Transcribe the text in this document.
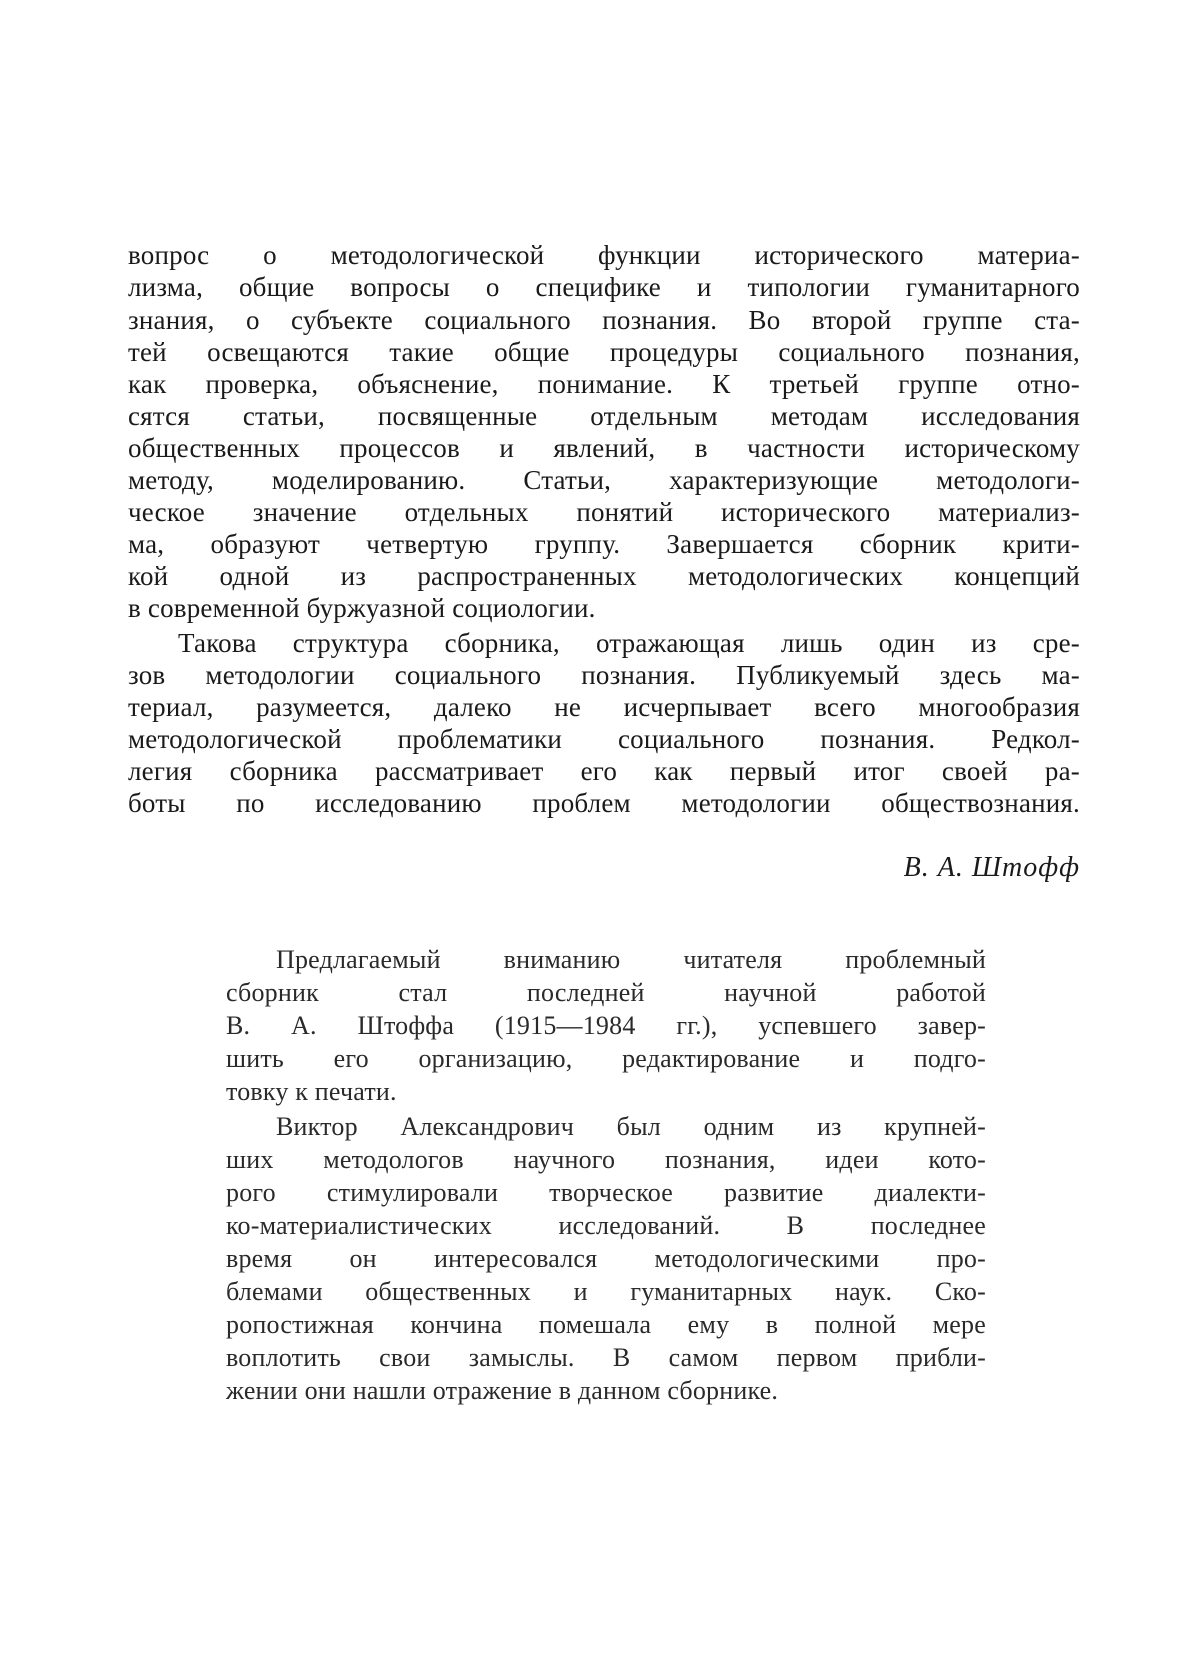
вопрос о методологической функции исторического материа-
лизма, общие вопросы о специфике и типологии гуманитарного
знания, о субъекте социального познания. Во второй группе ста-
тей освещаются такие общие процедуры социального познания,
как проверка, объяснение, понимание. К третьей группе отно-
сятся статьи, посвященные отдельным методам исследования
общественных процессов и явлений, в частности историческому
методу, моделированию. Статьи, характеризующие методологи-
ческое значение отдельных понятий исторического материализ-
ма, образуют четвертую группу. Завершается сборник крити-
кой одной из распространенных методологических концепций
в современной буржуазной социологии.
Такова структура сборника, отражающая лишь один из сре-
зов методологии социального познания. Публикуемый здесь ма-
териал, разумеется, далеко не исчерпывает всего многообразия
методологической проблематики социального познания. Редкол-
легия сборника рассматривает его как первый итог своей ра-
боты по исследованию проблем методологии обществознания.
В. А. Штофф
Предлагаемый вниманию читателя проблемный
сборник стал последней научной работой
В. А. Штоффа (1915—1984 гг.), успевшего завер-
шить его организацию, редактирование и подго-
товку к печати.
Виктор Александрович был одним из крупней-
ших методологов научного познания, идеи кото-
рого стимулировали творческое развитие диалекти-
ко-материалистических исследований. В последнее
время он интересовался методологическими про-
блемами общественных и гуманитарных наук. Ско-
ропостижная кончина помешала ему в полной мере
воплотить свои замыслы. В самом первом прибли-
жении они нашли отражение в данном сборнике.
